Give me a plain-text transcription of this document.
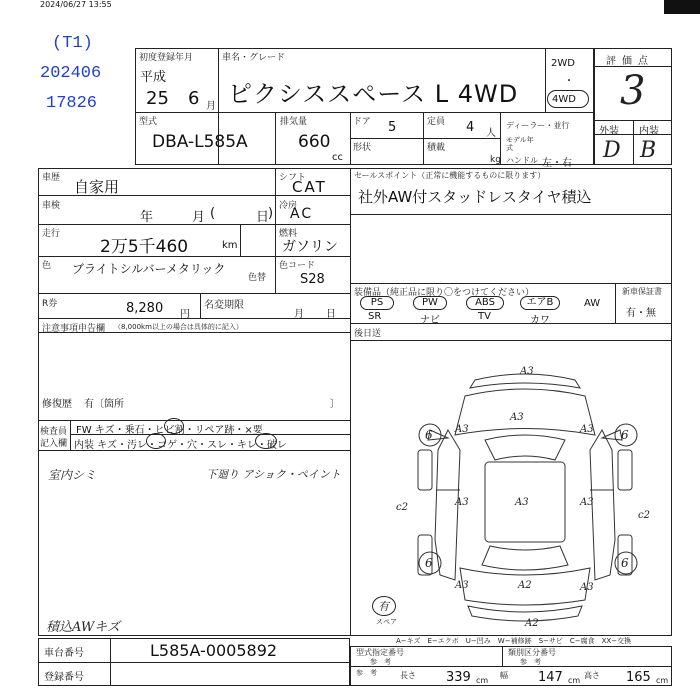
2024/06/27 13:55
(T1)
202406
17826
初度登録年月
平成
25 6 月
車名・グレード
ピクシススペース L 4WD
2WD
・
4WD
評価点
3
外装 内装
D B
型式
DBA-L585A
排気量
660
cc
ドア 5
形状
定員 4 人
積載
kg
ディーラー・並行
モデル年式
ハンドル 左・右
車歴 自家用
車検
年	月 (	日
)
走行
2万5千460	km
シフト
CAT
冷房
AC
燃料
ガソリン
色 ブライトシルバーメタリック
色替
色コード
S28
R券	8,280 円
名変期限
月 日
注意事項申告欄 （8,000km以上の場合は具体的に記入）
修復歴 有〔箇所	〕
検査員
記入欄
FW キズ・乗石・ヒビ割・リペア跡・×要
内装 キズ・汚レ・コゲ・穴・スレ・キレ・破レ
室内シミ	下廻り アショク・ペイント
積込AWキズ
セールスポイント（正常に機能するものに限ります）
社外AW付スタッドレスタイヤ積込
装備品（純正品に限り〇をつけてください）	新車保証書
有・無
PS	PW	ABS	エアB	AW
SR	ナビ	TV	カワ
後日送
A3
A3
A3	A3
A3	A3	A3
A3	A3
A2
A2
c2
c2
6	6
6	6
有
スペア
A−キズ　E−エクボ　U−凹み　W−補修跡　S−サビ　C−腐食　XX−交換
車台番号	L585A-0005892
登録番号
型式指定番号
参　考
類別区分番号
参　考
参　考	長さ 339 cm
幅 147 cm
高さ 165 cm
